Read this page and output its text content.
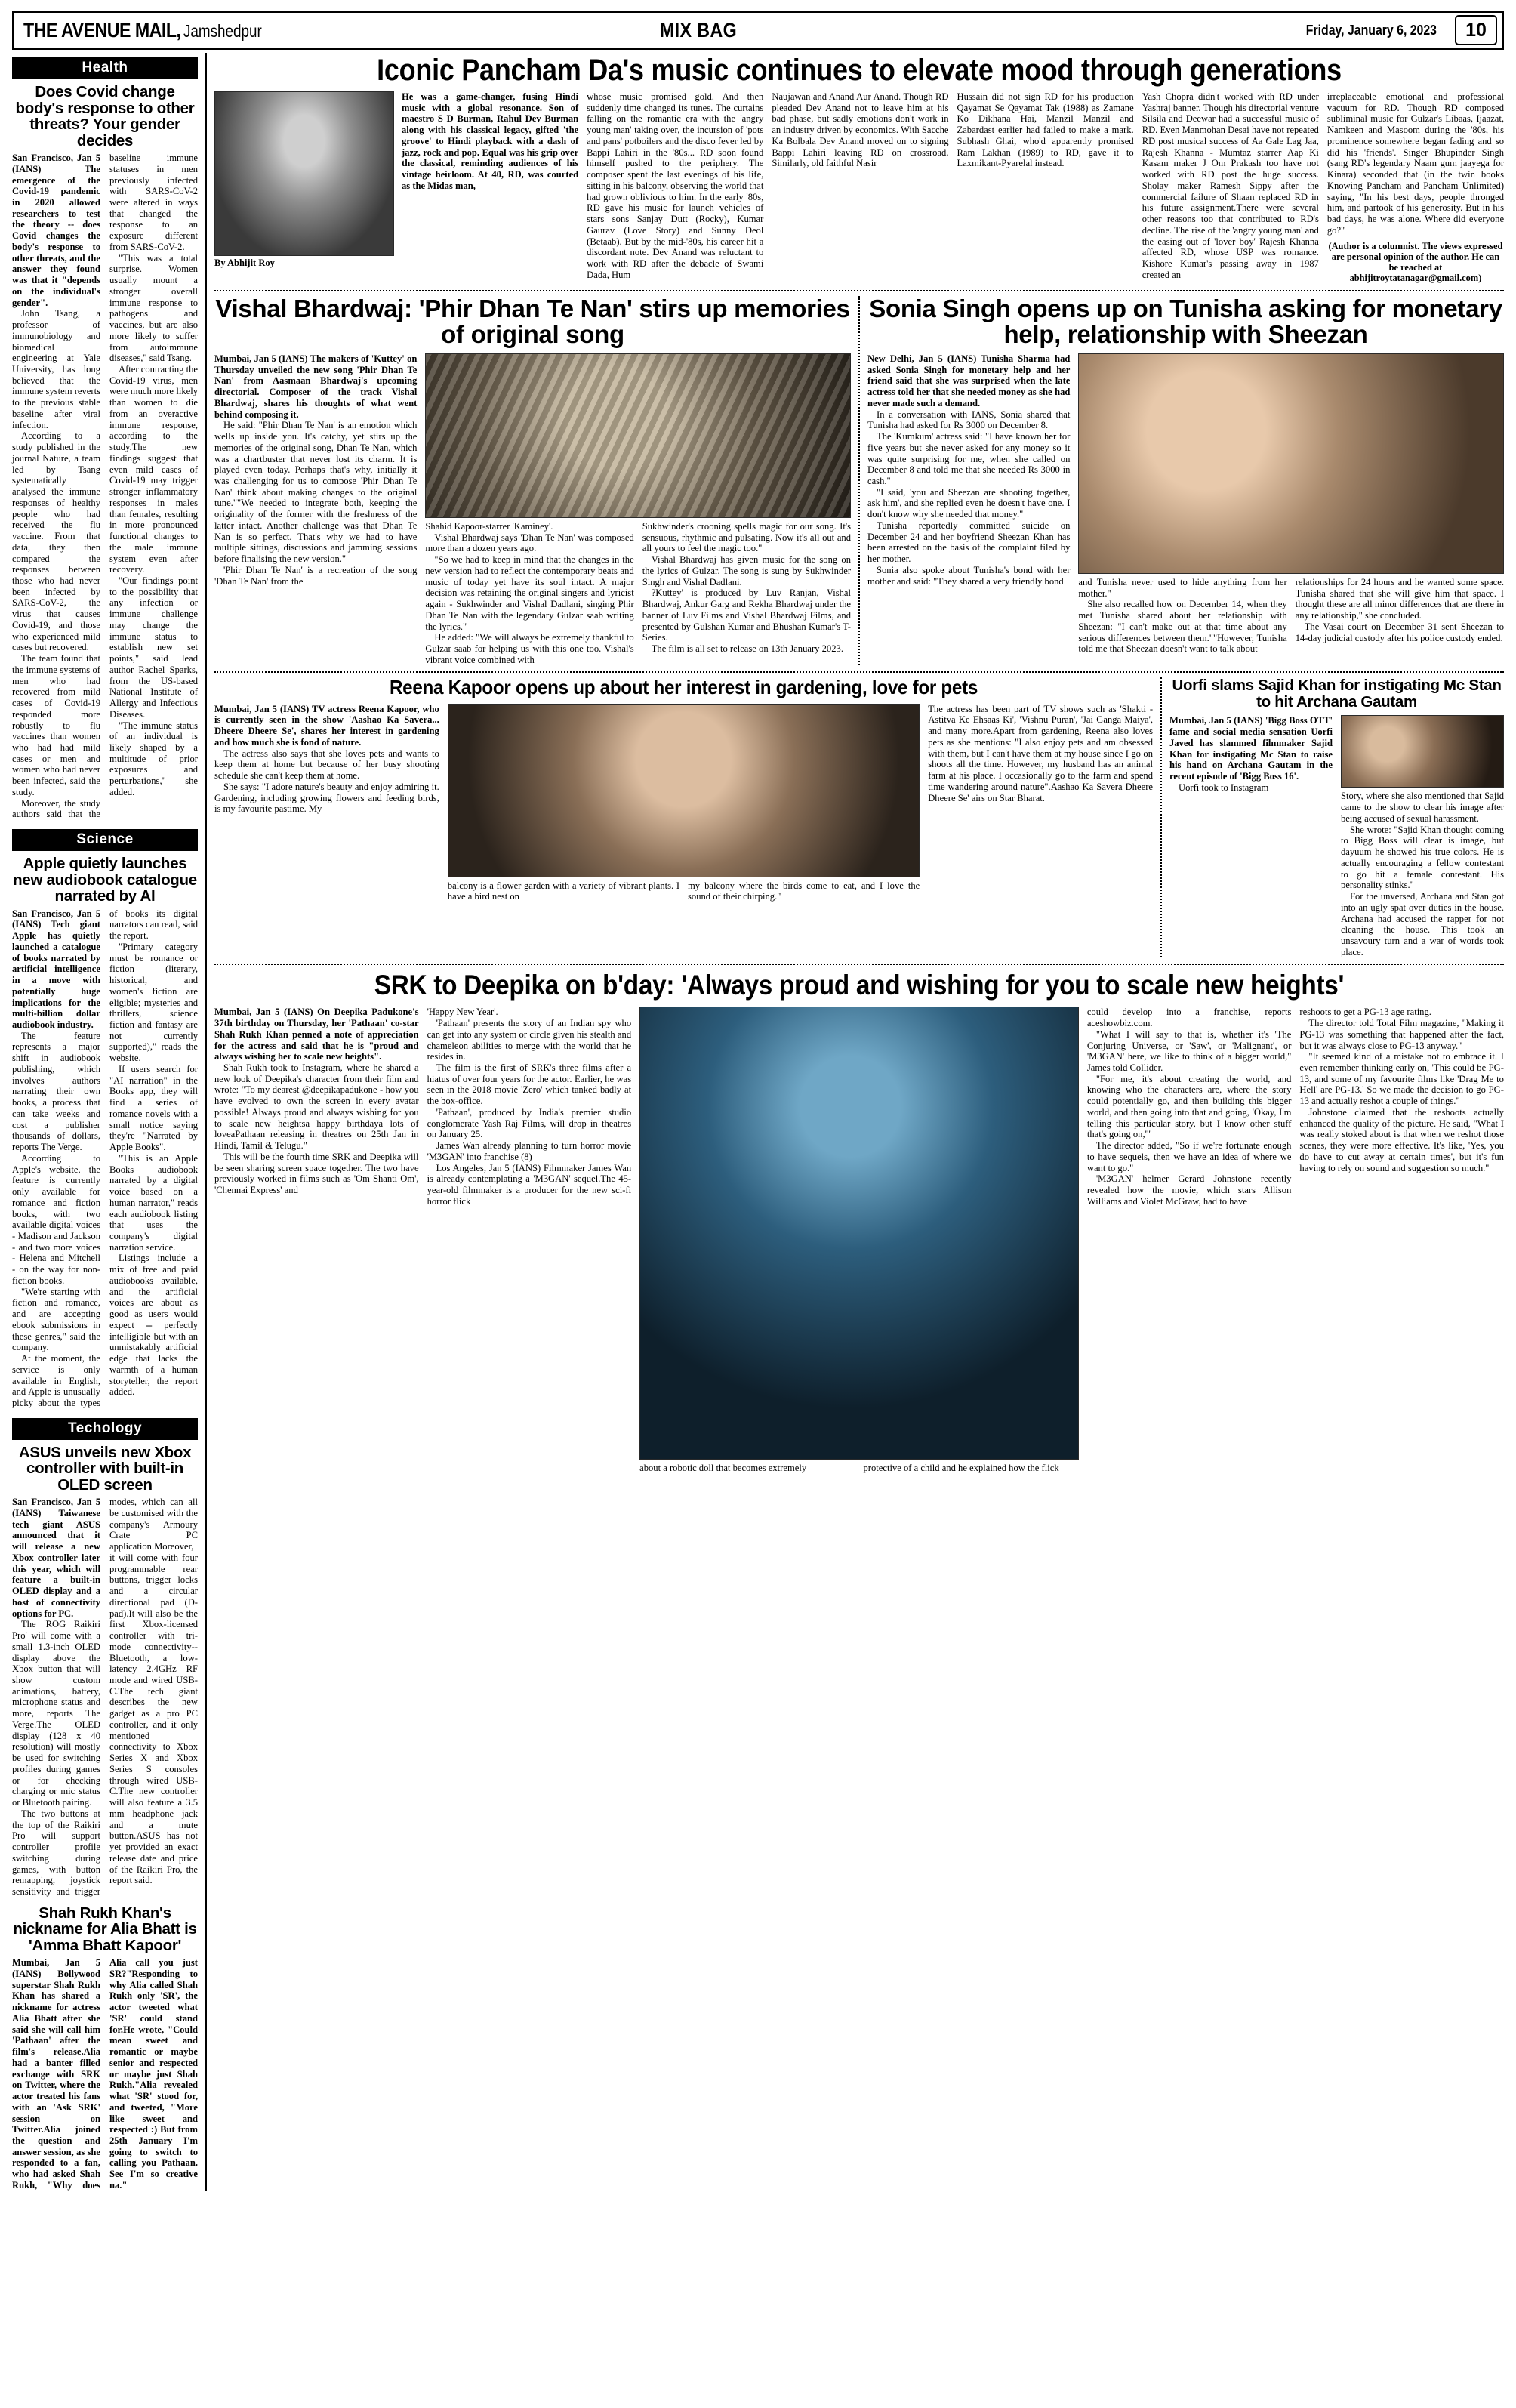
THE AVENUE MAIL, Jamshedpur	MIX BAG	Friday, January 6, 2023	10
Health
Does Covid change body's response to other threats? Your gender decides

San Francisco, Jan 5 (IANS) The emergence of the Covid-19 pandemic in 2020 allowed researchers to test the theory -- does Covid changes the body's response to other threats, and the answer they found was that it "depends on the individual's gender".

John Tsang, a professor of immunobiology and biomedical engineering at Yale University, has long believed that the immune system reverts to the previous stable baseline after viral infection.

According to a study published in the journal Nature, a team led by Tsang systematically analysed the immune responses of healthy people who had received the flu vaccine. From that data, they then compared the responses between those who had never been infected by SARS-CoV-2, the virus that causes Covid-19, and those who experienced mild cases but recovered.

The team found that the immune systems of men who had recovered from mild cases of Covid-19 responded more robustly to flu vaccines than women who had had mild cases or men and women who had never been infected, said the study.

Moreover, the study authors said that the baseline immune statuses in men previously infected with SARS-CoV-2 were altered in ways that changed the response to an exposure different from SARS-CoV-2.

"This was a total surprise. Women usually mount a stronger overall immune response to pathogens and vaccines, but are also more likely to suffer from autoimmune diseases," said Tsang.

After contracting the Covid-19 virus, men were much more likely than women to die from an overactive immune response, according to the study.The new findings suggest that even mild cases of Covid-19 may trigger stronger inflammatory responses in males than females, resulting in more pronounced functional changes to the male immune system even after recovery.

"Our findings point to the possibility that any infection or immune challenge may change the immune status to establish new set points," said lead author Rachel Sparks, from the US-based National Institute of Allergy and Infectious Diseases.

"The immune status of an individual is likely shaped by a multitude of prior exposures and perturbations," she added.

Science
Apple quietly launches new audiobook catalogue narrated by AI

San Francisco, Jan 5 (IANS) Tech giant Apple has quietly launched a catalogue of books narrated by artificial intelligence in a move with potentially huge implications for the multi-billion dollar audiobook industry.

The feature represents a major shift in audiobook publishing, which involves authors narrating their own books, a process that can take weeks and cost a publisher thousands of dollars, reports The Verge.

According to Apple's website, the feature is currently only available for romance and fiction books, with two available digital voices - Madison and Jackson - and two more voices - Helena and Mitchell - on the way for non-fiction books.

"We're starting with fiction and romance, and are accepting ebook submissions in these genres," said the company.

At the moment, the service is only available in English, and Apple is unusually picky about the types of books its digital narrators can read, said the report.

"Primary category must be romance or fiction (literary, historical, and women's fiction are eligible; mysteries and thrillers, science fiction and fantasy are not currently supported)," reads the website.

If users search for "AI narration" in the Books app, they will find a series of romance novels with a small notice saying they're "Narrated by Apple Books".

"This is an Apple Books audiobook narrated by a digital voice based on a human narrator," reads each audiobook listing that uses the company's digital narration service.

Listings include a mix of free and paid audiobooks available, and the artificial voices are about as good as users would expect -- perfectly intelligible but with an unmistakably artificial edge that lacks the warmth of a human storyteller, the report added.

Techology
ASUS unveils new Xbox controller with built-in OLED screen

San Francisco, Jan 5 (IANS) Taiwanese tech giant ASUS announced that it will release a new Xbox controller later this year, which will feature a built-in OLED display and a host of connectivity options for PC.

The 'ROG Raikiri Pro' will come with a small 1.3-inch OLED display above the Xbox button that will show custom animations, battery, microphone status and more, reports The Verge.The OLED display (128 x 40 resolution) will mostly be used for switching profiles during games or for checking charging or mic status or Bluetooth pairing.

The two buttons at the top of the Raikiri Pro will support controller profile switching during games, with button remapping, joystick sensitivity and trigger modes, which can all be customised with the company's Armoury Crate PC application.Moreover, it will come with four programmable rear buttons, trigger locks and a circular directional pad (D-pad).It will also be the first Xbox-licensed controller with tri-mode connectivity-- Bluetooth, a low-latency 2.4GHz RF mode and wired USB-C.The tech giant describes the new gadget as a pro PC controller, and it only mentioned connectivity to Xbox Series X and Xbox Series S consoles through wired USB-C.The new controller will also feature a 3.5 mm headphone jack and a mute button.ASUS has not yet provided an exact release date and price of the Raikiri Pro, the report said.

Shah Rukh Khan's nickname for Alia Bhatt is 'Amma Bhatt Kapoor'

Mumbai, Jan 5 (IANS) Bollywood superstar Shah Rukh Khan has shared a nickname for actress Alia Bhatt after she said she will call him 'Pathaan' after the film's release.Alia had a banter filled exchange with SRK on Twitter, where the actor treated his fans with an 'Ask SRK' session on Twitter.Alia joined the question and answer session, as she responded to a fan, who had asked Shah Rukh, "Why does Alia call you just SR?"Responding to why Alia called Shah Rukh only 'SR', the actor tweeted what 'SR' could stand for.He wrote, "Could mean sweet and romantic or maybe senior and respected or maybe just Shah Rukh."Alia revealed what 'SR' stood for, and tweeted, "More like sweet and respected :) But from 25th January I'm going to switch to calling you Pathaan. See I'm so creative na."

Iconic Pancham Da's music continues to elevate mood through generations
By Abhijit Roy

He was a game-changer, fusing Hindi music with a global resonance. Son of maestro S D Burman, Rahul Dev Burman along with his classical legacy, gifted 'the groove' to Hindi playback with a dash of jazz, rock and pop. Equal was his grip over the classical, reminding audiences of his vintage heirloom. At 40, RD, was courted as the Midas man,

whose music promised gold. And then suddenly time changed its tunes. The curtains falling on the romantic era with the 'angry young man' taking over, the incursion of 'pots and pans' potboilers and the disco fever led by Bappi Lahiri in the '80s... RD soon found himself pushed to the periphery. The composer spent the last evenings of his life, sitting in his balcony, observing the world that had grown oblivious to him. In the early '80s, RD gave his music for launch vehicles of stars sons Sanjay Dutt (Rocky), Kumar Gaurav (Love Story) and Sunny Deol (Betaab). But by the mid-'80s, his career hit a discordant note. Dev Anand was reluctant to work with RD after the debacle of Swami Dada, Hum

Naujawan and Anand Aur Anand. Though RD pleaded Dev Anand not to leave him at his bad phase, but sadly emotions don't work in an industry driven by economics. With Sacche Ka Bolbala Dev Anand moved on to signing Bappi Lahiri leaving RD on crossroad. Similarly, old faithful Nasir

Hussain did not sign RD for his production Qayamat Se Qayamat Tak (1988) as Zamane Ko Dikhana Hai, Manzil Manzil and Zabardast earlier had failed to make a mark. Subhash Ghai, who'd apparently promised Ram Lakhan (1989) to RD, gave it to Laxmikant-Pyarelal instead.

Yash Chopra didn't worked with RD under Yashraj banner. Though his directorial venture Silsila and Deewar had a successful music of RD. Even Manmohan Desai have not repeated RD post musical success of Aa Gale Lag Jaa, Rajesh Khanna - Mumtaz starrer Aap Ki Kasam maker J Om Prakash too have not worked with RD post the huge success. Sholay maker Ramesh Sippy after the commercial failure of Shaan replaced RD in his future assignment.There were several other reasons too that contributed to RD's decline. The rise of the 'angry young man' and the easing out of 'lover boy' Rajesh Khanna affected RD, whose USP was romance. Kishore Kumar's passing away in 1987 created an

irreplaceable emotional and professional vacuum for RD. Though RD composed subliminal music for Gulzar's Libaas, Ijaazat, Namkeen and Masoom during the '80s, his prominence somewhere began fading and so did his 'friends'. Singer Bhupinder Singh (sang RD's legendary Naam gum jaayega for Kinara) seconded that (in the twin books Knowing Pancham and Pancham Unlimited) saying, "In his best days, people thronged him, and partook of his generosity. But in his bad days, he was alone. Where did everyone go?"

(Author is a columnist. The views expressed are personal opinion of the author. He can be reached at abhijitroytatanagar@gmail.com)
Vishal Bhardwaj: 'Phir Dhan Te Nan' stirs up memories of original song

Mumbai, Jan 5 (IANS) The makers of 'Kuttey' on Thursday unveiled the new song 'Phir Dhan Te Nan' from Aasmaan Bhardwaj's upcoming directorial. Composer of the track Vishal Bhardwaj, shares his thoughts of what went behind composing it.

He said: "Phir Dhan Te Nan' is an emotion which wells up inside you. It's catchy, yet stirs up the memories of the original song, Dhan Te Nan, which was a chartbuster that never lost its charm. It is played even today. Perhaps that's why, initially it was challenging for us to compose 'Phir Dhan Te Nan' think about making changes to the original tune.""We needed to integrate both, keeping the originality of the former with the freshness of the latter intact. Another challenge was that Dhan Te Nan is so perfect. That's why we had to have multiple sittings, discussions and jamming sessions before finalising the new version."

'Phir Dhan Te Nan' is a recreation of the song 'Dhan Te Nan' from the

Shahid Kapoor-starrer 'Kaminey'.

Vishal Bhardwaj says 'Dhan Te Nan' was composed more than a dozen years ago.

"So we had to keep in mind that the changes in the new version had to reflect the contemporary beats and music of today yet have its soul intact. A major decision was retaining the original singers and lyricist again - Sukhwinder and Vishal Dadlani, singing Phir Dhan Te Nan with the legendary Gulzar saab writing the lyrics."

He added: "We will always be extremely thankful to Gulzar saab for helping us with this one too. Vishal's vibrant voice combined with

Sukhwinder's crooning spells magic for our song. It's sensuous, rhythmic and pulsating. Now it's all out and all yours to feel the magic too."

Vishal Bhardwaj has given music for the song on the lyrics of Gulzar. The song is sung by Sukhwinder Singh and Vishal Dadlani.

?Kuttey' is produced by Luv Ranjan, Vishal Bhardwaj, Ankur Garg and Rekha Bhardwaj under the banner of Luv Films and Vishal Bhardwaj Films, and presented by Gulshan Kumar and Bhushan Kumar's T-Series.

The film is all set to release on 13th January 2023.

Sonia Singh opens up on Tunisha asking for monetary help, relationship with Sheezan

New Delhi, Jan 5 (IANS) Tunisha Sharma had asked Sonia Singh for monetary help and her friend said that she was surprised when the late actress told her that she needed money as she had never made such a demand.

In a conversation with IANS, Sonia shared that Tunisha had asked for Rs 3000 on December 8.

The 'Kumkum' actress said: "I have known her for five years but she never asked for any money so it was quite surprising for me, when she called on December 8 and told me that she needed Rs 3000 in cash."

"I said, 'you and Sheezan are shooting together, ask him', and she replied even he doesn't have one. I don't know why she needed that money."

Tunisha reportedly committed suicide on December 24 and her boyfriend Sheezan Khan has been arrested on the basis of the complaint filed by her mother.

Sonia also spoke about Tunisha's bond with her mother and said: "They shared a very friendly bond	and Tunisha never used to hide anything from her mother."

She also recalled how on December 14, when they met Tunisha shared about her relationship with Sheezan: "I can't make out at that time about any serious differences between them.""However, Tunisha told me that Sheezan doesn't want to talk about

relationships for 24 hours and he wanted some space. Tunisha shared that she will give him that space. I thought these are all minor differences that are there in any relationship," she concluded.

The Vasai court on December 31 sent Sheezan to 14-day judicial custody after his police custody ended.

Reena Kapoor opens up about her interest in gardening, love for pets

Mumbai, Jan 5 (IANS) TV actress Reena Kapoor, who is currently seen in the show 'Aashao Ka Savera... Dheere Dheere Se', shares her interest in gardening and how much she is fond of nature.

The actress also says that she loves pets and wants to keep them at home but because of her busy shooting schedule she can't keep them at home.

She says: "I adore nature's beauty and enjoy admiring it. Gardening, including growing flowers and feeding birds, is my favourite pastime. My

balcony is a flower garden with a variety of vibrant plants. I have a bird nest on

my balcony where the birds come to eat, and I love the sound of their chirping."

The actress has been part of TV shows such as 'Shakti - Astitva Ke Ehsaas Ki', 'Vishnu Puran', 'Jai Ganga Maiya', and many more.Apart from gardening, Reena also loves pets as she mentions: "I also enjoy pets and am obsessed with them, but I can't have them at my house since I go on shoots all the time. However, my husband has an animal farm at his place. I occasionally go to the farm and spend time wandering around nature".Aashao Ka Savera Dheere Dheere Se' airs on Star Bharat.

Uorfi slams Sajid Khan for instigating Mc Stan to hit Archana Gautam

Mumbai, Jan 5 (IANS) 'Bigg Boss OTT' fame and social media sensation Uorfi Javed has slammed filmmaker Sajid Khan for instigating Mc Stan to raise his hand on Archana Gautam in the recent episode of 'Bigg Boss 16'.

Uorfi took to Instagram

Story, where she also mentioned that Sajid came to the show to clear his image after being accused of sexual harassment.

She wrote: "Sajid Khan thought coming to Bigg Boss will clear is image, but dayuum he showed his true colors. He is actually encouraging a fellow contestant to go hit a female contestant. His personality stinks."

For the unversed, Archana and Stan got into an ugly spat over duties in the house. Archana had accused the rapper for not cleaning the house. This took an unsavoury turn and a war of words took place.

SRK to Deepika on b'day: 'Always proud and wishing for you to scale new heights'

Mumbai, Jan 5 (IANS) On Deepika Padukone's 37th birthday on Thursday, her 'Pathaan' co-star Shah Rukh Khan penned a note of appreciation for the actress and said that he is "proud and always wishing her to scale new heights".

Shah Rukh took to Instagram, where he shared a new look of Deepika's character from their film and wrote: "To my dearest @deepikapadukone - how you have evolved to own the screen in every avatar possible! Always proud and always wishing for you to scale new heightsa happy birthdaya lots of loveaPathaan releasing in theatres on 25th Jan in Hindi, Tamil & Telugu."

This will be the fourth time SRK and Deepika will be seen sharing screen space together. The two have previously worked in films such as 'Om Shanti Om', 'Chennai Express' and

'Happy New Year'.

'Pathaan' presents the story of an Indian spy who can get into any system or circle given his stealth and chameleon abilities to merge with the world that he resides in.

The film is the first of SRK's three films after a hiatus of over four years for the actor. Earlier, he was seen in the 2018 movie 'Zero' which tanked badly at the box-office.

'Pathaan', produced by India's premier studio conglomerate Yash Raj Films, will drop in theatres on January 25.

James Wan already planning to turn horror movie 'M3GAN' into franchise (8)

Los Angeles, Jan 5 (IANS) Filmmaker James Wan is already contemplating a 'M3GAN' sequel.The 45-year-old filmmaker is a producer for the new sci-fi horror flick

about a robotic doll that becomes extremely	protective of a child and he explained how the flick

could develop into a franchise, reports aceshowbiz.com.

"What I will say to that is, whether it's 'The Conjuring Universe, or 'Saw', or 'Malignant', or 'M3GAN' here, we like to think of a bigger world," James told Collider.

"For me, it's about creating the world, and knowing who the characters are, where the story could potentially go, and then building this bigger world, and then going into that and going, 'Okay, I'm telling this particular story, but I know other stuff that's going on,'"

The director added, "So if we're fortunate enough to have sequels, then we have an idea of where we want to go."

'M3GAN' helmer Gerard Johnstone recently revealed how the movie, which stars Allison Williams and Violet McGraw, had to have

reshoots to get a PG-13 age rating.

The director told Total Film magazine, "Making it PG-13 was something that happened after the fact, but it was always close to PG-13 anyway."

"It seemed kind of a mistake not to embrace it. I even remember thinking early on, 'This could be PG-13, and some of my favourite films like 'Drag Me to Hell' are PG-13.' So we made the decision to go PG-13 and actually reshot a couple of things."

Johnstone claimed that the reshoots actually enhanced the quality of the picture. He said, "What I was really stoked about is that when we reshot those scenes, they were more effective. It's like, 'Yes, you do have to cut away at certain times', but it's fun having to rely on sound and suggestion so much."
